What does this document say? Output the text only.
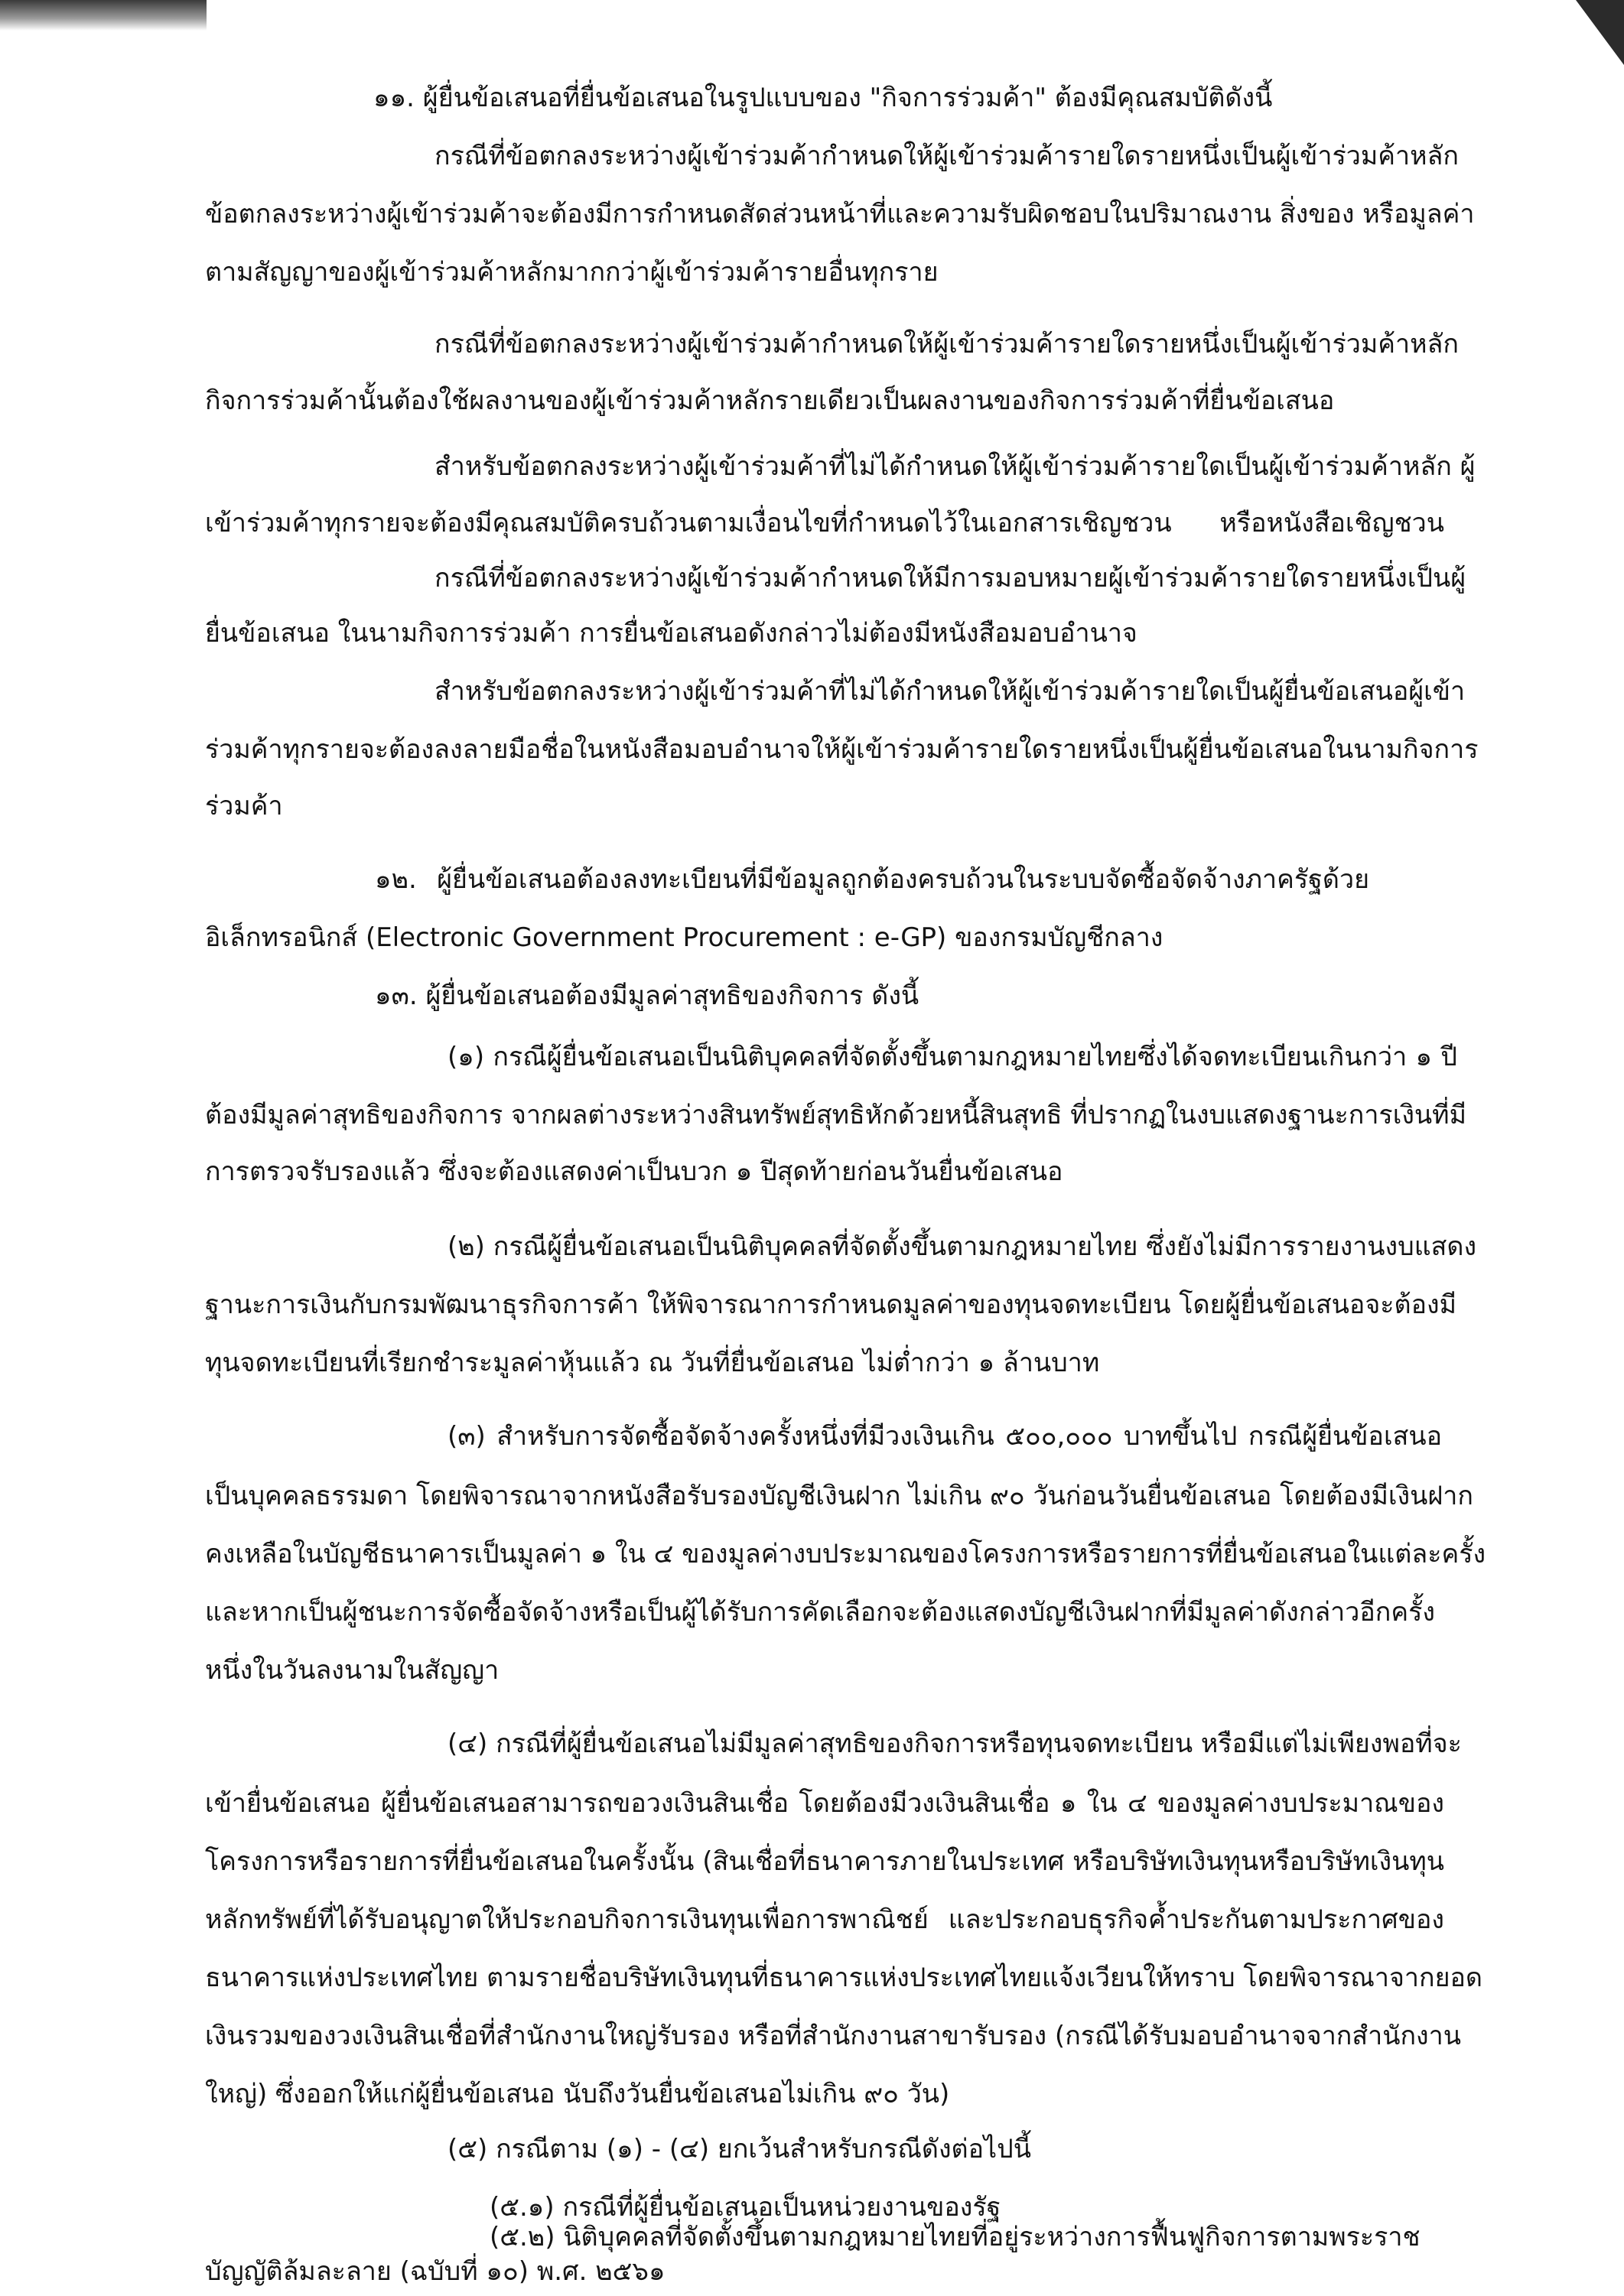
๑๑. ผู้ยื่นข้อเสนอที่ยื่นข้อเสนอในรูปแบบของ "กิจการร่วมค้า" ต้องมีคุณสมบัติดังนี้
กรณีที่ข้อตกลงระหว่างผู้เข้าร่วมค้ากำหนดให้ผู้เข้าร่วมค้ารายใดรายหนึ่งเป็นผู้เข้าร่วมค้าหลัก
ข้อตกลงระหว่างผู้เข้าร่วมค้าจะต้องมีการกำหนดสัดส่วนหน้าที่และความรับผิดชอบในปริมาณงาน สิ่งของ หรือมูลค่า
ตามสัญญาของผู้เข้าร่วมค้าหลักมากกว่าผู้เข้าร่วมค้ารายอื่นทุกราย
กรณีที่ข้อตกลงระหว่างผู้เข้าร่วมค้ากำหนดให้ผู้เข้าร่วมค้ารายใดรายหนึ่งเป็นผู้เข้าร่วมค้าหลัก
กิจการร่วมค้านั้นต้องใช้ผลงานของผู้เข้าร่วมค้าหลักรายเดียวเป็นผลงานของกิจการร่วมค้าที่ยื่นข้อเสนอ
สำหรับข้อตกลงระหว่างผู้เข้าร่วมค้าที่ไม่ได้กำหนดให้ผู้เข้าร่วมค้ารายใดเป็นผู้เข้าร่วมค้าหลัก ผู้
เข้าร่วมค้าทุกรายจะต้องมีคุณสมบัติครบถ้วนตามเงื่อนไขที่กำหนดไว้ในเอกสารเชิญชวน หรือหนังสือเชิญชวน
กรณีที่ข้อตกลงระหว่างผู้เข้าร่วมค้ากำหนดให้มีการมอบหมายผู้เข้าร่วมค้ารายใดรายหนึ่งเป็นผู้
ยื่นข้อเสนอ ในนามกิจการร่วมค้า การยื่นข้อเสนอดังกล่าวไม่ต้องมีหนังสือมอบอำนาจ
สำหรับข้อตกลงระหว่างผู้เข้าร่วมค้าที่ไม่ได้กำหนดให้ผู้เข้าร่วมค้ารายใดเป็นผู้ยื่นข้อเสนอผู้เข้า
ร่วมค้าทุกรายจะต้องลงลายมือชื่อในหนังสือมอบอำนาจให้ผู้เข้าร่วมค้ารายใดรายหนึ่งเป็นผู้ยื่นข้อเสนอในนามกิจการ
ร่วมค้า
๑๒. ผู้ยื่นข้อเสนอต้องลงทะเบียนที่มีข้อมูลถูกต้องครบถ้วนในระบบจัดซื้อจัดจ้างภาครัฐด้วย
อิเล็กทรอนิกส์ (Electronic Government Procurement : e-GP) ของกรมบัญชีกลาง
๑๓. ผู้ยื่นข้อเสนอต้องมีมูลค่าสุทธิของกิจการ ดังนี้
(๑) กรณีผู้ยื่นข้อเสนอเป็นนิติบุคคลที่จัดตั้งขึ้นตามกฎหมายไทยซึ่งได้จดทะเบียนเกินกว่า ๑ ปี
ต้องมีมูลค่าสุทธิของกิจการ จากผลต่างระหว่างสินทรัพย์สุทธิหักด้วยหนี้สินสุทธิ ที่ปรากฏในงบแสดงฐานะการเงินที่มี
การตรวจรับรองแล้ว ซึ่งจะต้องแสดงค่าเป็นบวก ๑ ปีสุดท้ายก่อนวันยื่นข้อเสนอ
(๒) กรณีผู้ยื่นข้อเสนอเป็นนิติบุคคลที่จัดตั้งขึ้นตามกฎหมายไทย ซึ่งยังไม่มีการรายงานงบแสดง
ฐานะการเงินกับกรมพัฒนาธุรกิจการค้า ให้พิจารณาการกำหนดมูลค่าของทุนจดทะเบียน โดยผู้ยื่นข้อเสนอจะต้องมี
ทุนจดทะเบียนที่เรียกชำระมูลค่าหุ้นแล้ว ณ วันที่ยื่นข้อเสนอ ไม่ต่ำกว่า ๑ ล้านบาท
(๓) สำหรับการจัดซื้อจัดจ้างครั้งหนึ่งที่มีวงเงินเกิน ๕๐๐,๐๐๐ บาทขึ้นไป กรณีผู้ยื่นข้อเสนอ
เป็นบุคคลธรรมดา โดยพิจารณาจากหนังสือรับรองบัญชีเงินฝาก ไม่เกิน ๙๐ วันก่อนวันยื่นข้อเสนอ โดยต้องมีเงินฝาก
คงเหลือในบัญชีธนาคารเป็นมูลค่า ๑ ใน ๔ ของมูลค่างบประมาณของโครงการหรือรายการที่ยื่นข้อเสนอในแต่ละครั้ง
และหากเป็นผู้ชนะการจัดซื้อจัดจ้างหรือเป็นผู้ได้รับการคัดเลือกจะต้องแสดงบัญชีเงินฝากที่มีมูลค่าดังกล่าวอีกครั้ง
หนึ่งในวันลงนามในสัญญา
(๔) กรณีที่ผู้ยื่นข้อเสนอไม่มีมูลค่าสุทธิของกิจการหรือทุนจดทะเบียน หรือมีแต่ไม่เพียงพอที่จะ
เข้ายื่นข้อเสนอ ผู้ยื่นข้อเสนอสามารถขอวงเงินสินเชื่อ โดยต้องมีวงเงินสินเชื่อ ๑ ใน ๔ ของมูลค่างบประมาณของ
โครงการหรือรายการที่ยื่นข้อเสนอในครั้งนั้น (สินเชื่อที่ธนาคารภายในประเทศ หรือบริษัทเงินทุนหรือบริษัทเงินทุน
หลักทรัพย์ที่ได้รับอนุญาตให้ประกอบกิจการเงินทุนเพื่อการพาณิชย์ และประกอบธุรกิจค้ำประกันตามประกาศของ
ธนาคารแห่งประเทศไทย ตามรายชื่อบริษัทเงินทุนที่ธนาคารแห่งประเทศไทยแจ้งเวียนให้ทราบ โดยพิจารณาจากยอด
เงินรวมของวงเงินสินเชื่อที่สำนักงานใหญ่รับรอง หรือที่สำนักงานสาขารับรอง (กรณีได้รับมอบอำนาจจากสำนักงาน
ใหญ่) ซึ่งออกให้แก่ผู้ยื่นข้อเสนอ นับถึงวันยื่นข้อเสนอไม่เกิน ๙๐ วัน)
(๕) กรณีตาม (๑) - (๔) ยกเว้นสำหรับกรณีดังต่อไปนี้
(๕.๑) กรณีที่ผู้ยื่นข้อเสนอเป็นหน่วยงานของรัฐ
(๕.๒) นิติบุคคลที่จัดตั้งขึ้นตามกฎหมายไทยที่อยู่ระหว่างการฟื้นฟูกิจการตามพระราช
บัญญัติล้มละลาย (ฉบับที่ ๑๐) พ.ศ. ๒๕๖๑
